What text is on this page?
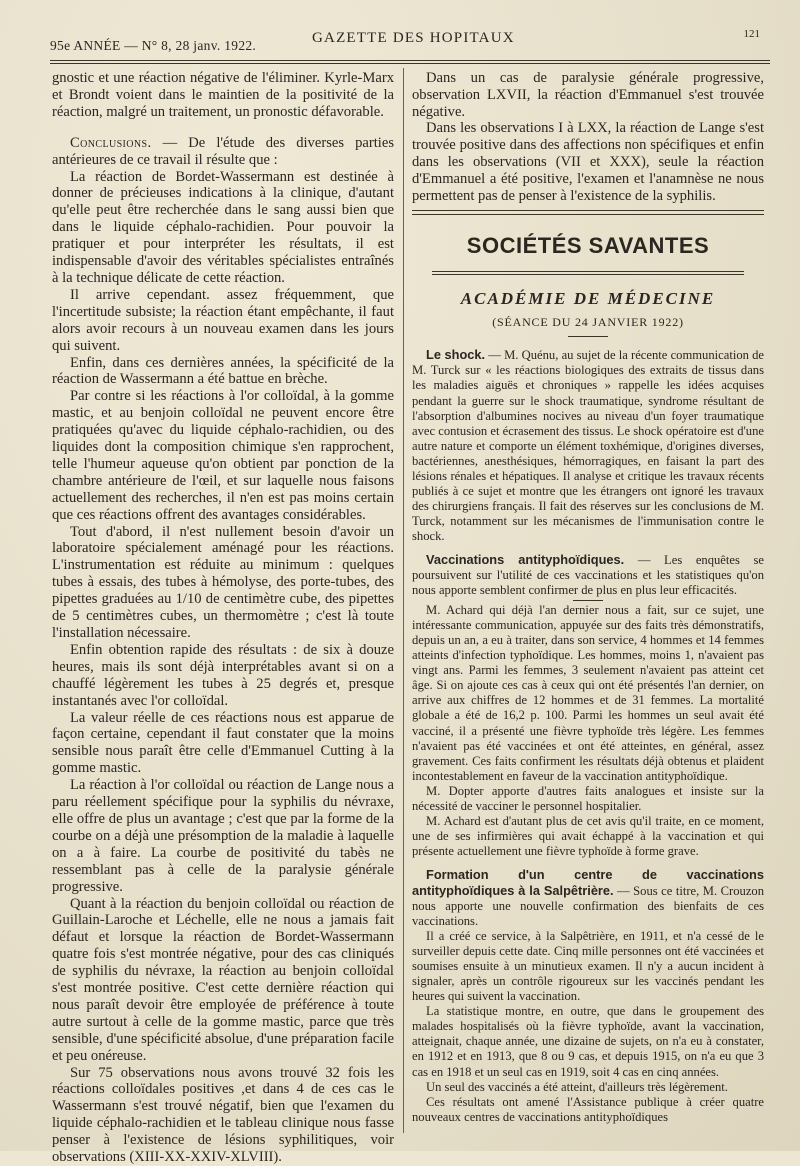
95e ANNÉE — N° 8, 28 janv. 1922.	GAZETTE DES HOPITAUX	121

gnostic et une réaction négative de l'éliminer. Kyrle-Marx et Brondt voient dans le maintien de la positivité de la réaction, malgré un traitement, un pronostic défavorable.

Conclusions. — De l'étude des diverses parties antérieures de ce travail il résulte que :

La réaction de Bordet-Wassermann est destinée à donner de précieuses indications à la clinique, d'autant qu'elle peut être recherchée dans le sang aussi bien que dans le liquide céphalo-rachidien. Pour pouvoir la pratiquer et pour interpréter les résultats, il est indispensable d'avoir des véritables spécialistes entraînés à la technique délicate de cette réaction.

Il arrive cependant. assez fréquemment, que l'incertitude subsiste; la réaction étant empêchante, il faut alors avoir recours à un nouveau examen dans les jours qui suivent.

Enfin, dans ces dernières années, la spécificité de la réaction de Wassermann a été battue en brèche.

Par contre si les réactions à l'or colloïdal, à la gomme mastic, et au benjoin colloïdal ne peuvent encore être pratiquées qu'avec du liquide céphalo-rachidien, ou des liquides dont la composition chimique s'en rapprochent, telle l'humeur aqueuse qu'on obtient par ponction de la chambre antérieure de l'œil, et sur laquelle nous faisons actuellement des recherches, il n'en est pas moins certain que ces réactions offrent des avantages considérables.

Tout d'abord, il n'est nullement besoin d'avoir un laboratoire spécialement aménagé pour les réactions. L'instrumentation est réduite au minimum : quelques tubes à essais, des tubes à hémolyse, des porte-tubes, des pipettes graduées au 1/10 de centimètre cube, des pipettes de 5 centimètres cubes, un thermomètre ; c'est là toute l'installation nécessaire.

Enfin obtention rapide des résultats : de six à douze heures, mais ils sont déjà interprétables avant si on a chauffé légèrement les tubes à 25 degrés et, presque instantanés avec l'or colloïdal.

La valeur réelle de ces réactions nous est apparue de façon certaine, cependant il faut constater que la moins sensible nous paraît être celle d'Emmanuel Cutting à la gomme mastic.

La réaction à l'or colloïdal ou réaction de Lange nous a paru réellement spécifique pour la syphilis du névraxe, elle offre de plus un avantage ; c'est que par la forme de la courbe on a déjà une présomption de la maladie à laquelle on a à faire. La courbe de positivité du tabès ne ressemblant pas à celle de la paralysie générale progressive.

Quant à la réaction du benjoin colloïdal ou réaction de Guillain-Laroche et Léchelle, elle ne nous a jamais fait défaut et lorsque la réaction de Bordet-Wassermann quatre fois s'est montrée négative, pour des cas cliniqués de syphilis du névraxe, la réaction au benjoin colloïdal s'est montrée positive. C'est cette dernière réaction qui nous paraît devoir être employée de préférence à toute autre surtout à celle de la gomme mastic, parce que très sensible, d'une spécificité absolue, d'une préparation facile et peu onéreuse.

Sur 75 observations nous avons trouvé 32 fois les réactions colloïdales positives ,et dans 4 de ces cas le Wassermann s'est trouvé négatif, bien que l'examen du liquide céphalo-rachidien et le tableau clinique nous fasse penser à l'existence de lésions syphilitiques, voir observations (XIII-XX-XXIV-XLVIII).

Dans un cas de paralysie générale progressive, observation LXVII, la réaction d'Emmanuel s'est trouvée négative.

Dans les observations I à LXX, la réaction de Lange s'est trouvée positive dans des affections non spécifiques et enfin dans les observations (VII et XXX), seule la réaction d'Emmanuel a été positive, l'examen et l'anamnèse ne nous permettent pas de penser à l'existence de la syphilis.

SOCIÉTÉS SAVANTES
ACADÉMIE DE MÉDECINE
(SÉANCE DU 24 JANVIER 1922)

Le shock. — M. Quénu, au sujet de la récente communication de M. Turck sur « les réactions biologiques des extraits de tissus dans les maladies aiguës et chroniques » rappelle les idées acquises pendant la guerre sur le shock traumatique, syndrome résultant de l'absorption d'albumines nocives au niveau d'un foyer traumatique avec contusion et écrasement des tissus. Le shock opératoire est d'une autre nature et comporte un élément toxhémique, d'origines diverses, bactériennes, anesthésiques, hémorragiques, en faisant la part des lésions rénales et hépatiques. Il analyse et critique les travaux récents publiés à ce sujet et montre que les étrangers ont ignoré les travaux des chirurgiens français. Il fait des réserves sur les conclusions de M. Turck, notamment sur les mécanismes de l'immunisation contre le shock.

Vaccinations antityphoïdiques. — Les enquêtes se poursuivent sur l'utilité de ces vaccinations et les statistiques qu'on nous apporte semblent confirmer de plus en plus leur efficacités.

M. Achard qui déjà l'an dernier nous a fait, sur ce sujet, une intéressante communication, appuyée sur des faits très démonstratifs, depuis un an, a eu à traiter, dans son service, 4 hommes et 14 femmes atteints d'infection typhoïdique. Les hommes, moins 1, n'avaient pas vingt ans. Parmi les femmes, 3 seulement n'avaient pas atteint cet âge. Si on ajoute ces cas à ceux qui ont été présentés l'an dernier, on arrive aux chiffres de 12 hommes et de 31 femmes. La mortalité globale a été de 16,2 p. 100. Parmi les hommes un seul avait été vacciné, il a présenté une fièvre typhoïde très légère. Les femmes n'avaient pas été vaccinées et ont été atteintes, en général, assez gravement. Ces faits confirment les résultats déjà obtenus et plaident incontestablement en faveur de la vaccination antityphoïdique.

M. Dopter apporte d'autres faits analogues et insiste sur la nécessité de vacciner le personnel hospitalier.

M. Achard est d'autant plus de cet avis qu'il traite, en ce moment, une de ses infirmières qui avait échappé à la vaccination et qui présente actuellement une fièvre typhoïde à forme grave.

Formation d'un centre de vaccinations antityphoïdiques à la Salpêtrière. — Sous ce titre, M. Crouzon nous apporte une nouvelle confirmation des bienfaits de ces vaccinations.

Il a créé ce service, à la Salpêtrière, en 1911, et n'a cessé de le surveiller depuis cette date. Cinq mille personnes ont été vaccinées et soumises ensuite à un minutieux examen. Il n'y a aucun incident à signaler, après un contrôle rigoureux sur les vaccinés pendant les heures qui suivent la vaccination.

La statistique montre, en outre, que dans le groupement des malades hospitalisés où la fièvre typhoïde, avant la vaccination, atteignait, chaque année, une dizaine de sujets, on n'a eu à constater, en 1912 et en 1913, que 8 ou 9 cas, et depuis 1915, on n'a eu que 3 cas en 1918 et un seul cas en 1919, soit 4 cas en cinq années.

Un seul des vaccinés a été atteint, d'ailleurs très légèrement.

Ces résultats ont amené l'Assistance publique à créer quatre nouveaux centres de vaccinations antityphoïdiques
